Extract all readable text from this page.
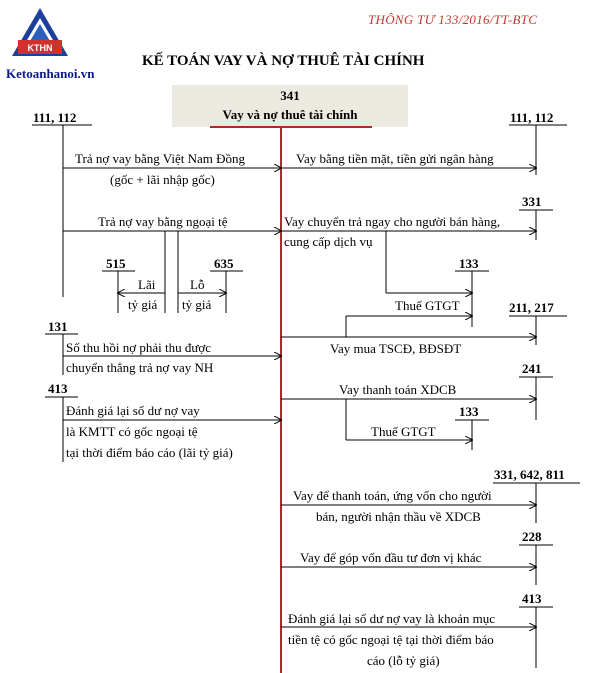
KTHN
Ketoanhanoi.vn
THÔNG TƯ 133/2016/TT-BTC
KẾ TOÁN VAY VÀ NỢ THUÊ TÀI CHÍNH
341
Vay và nợ thuê tài chính
111, 112	111, 112
331
515	635	133
211, 217
131
241
413
133
331, 642, 811
228
413
Trả nợ vay bằng Việt Nam Đồng
(gốc + lãi nhập gốc)
Trả nợ vay bằng ngoại tệ
Lãi
tỷ giá
Lỗ
tỷ giá
Số thu hồi nợ phải thu được
chuyển thẳng trả nợ vay NH
Đánh giá lại số dư nợ vay
là KMTT có gốc ngoại tệ
tại thời điểm báo cáo (lãi tỷ giá)
Vay bằng tiền mặt, tiền gửi ngân hàng
Vay chuyển trả ngay cho người bán hàng,
cung cấp dịch vụ
Thuế GTGT
Vay mua TSCĐ, BĐSĐT
Vay thanh toán XDCB
Thuế GTGT
Vay để thanh toán, ứng vốn cho người
bán, người nhận thầu về XDCB
Vay để góp vốn đầu tư đơn vị khác
Đánh giá lại số dư nợ vay là khoản mục
tiền tệ có gốc ngoại tệ tại thời điểm báo
cáo (lỗ tỷ giá)
